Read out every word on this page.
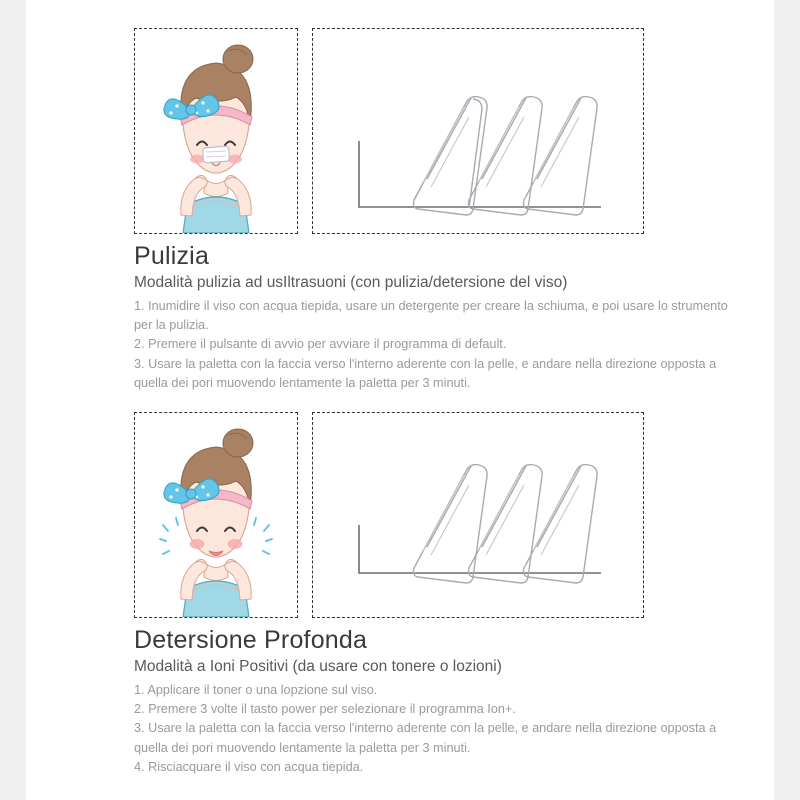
Pulizia

Modalità pulizia ad usIltrasuoni (con pulizia/detersione del viso)

1. Inumidire il viso con acqua tiepida, usare un detergente per creare la schiuma, e poi usare lo strumento per la pulizia.
2. Premere il pulsante di avvio per avviare il programma di default.
3. Usare la paletta con la faccia verso l'interno aderente con la pelle, e andare nella direzione opposta a quella dei pori muovendo lentamente la paletta per 3 minuti.
Detersione Profonda

Modalità a Ioni Positivi (da usare con tonere o lozioni)

1. Applicare il toner o una lopzione sul viso.
2. Premere 3 volte il tasto power per selezionare il programma Ion+.
3. Usare la paletta con la faccia verso l'interno aderente con la pelle, e andare nella direzione opposta a quella dei pori muovendo lentamente la paletta per 3 minuti.
4. Risciacquare il viso con acqua tiepida.
